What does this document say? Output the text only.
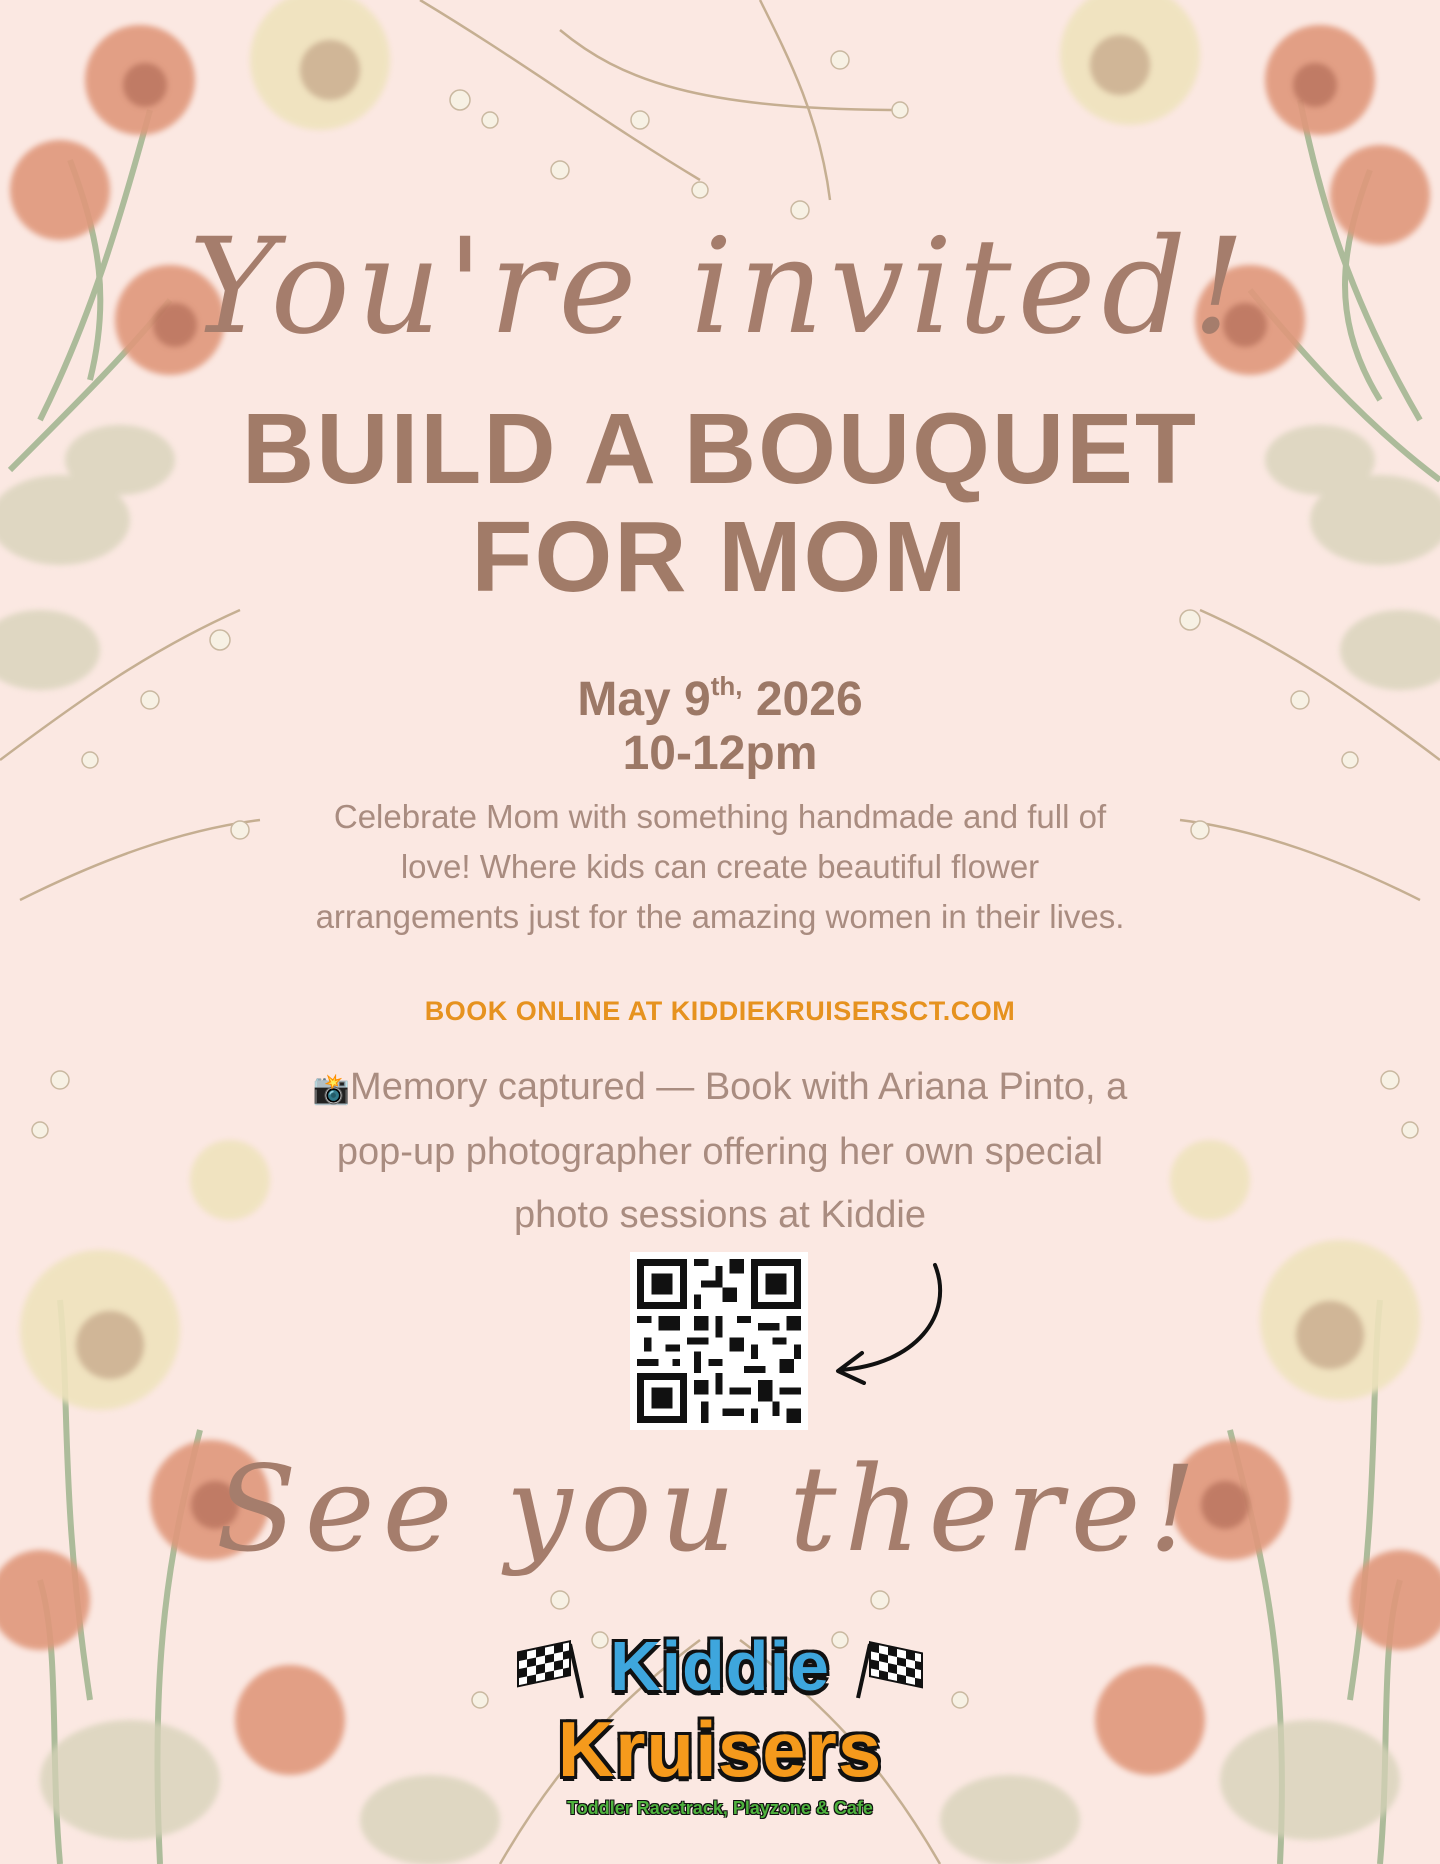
You're invited!
BUILD A BOUQUET
FOR MOM
May $9^{th,}$ 2026
10-12pm
Celebrate Mom with something handmade and full of love! Where kids can create beautiful flower arrangements just for the amazing women in their lives.
BOOK ONLINE AT KIDDIEKRUISERSCT.COM
📸Memory captured — Book with Ariana Pinto, a pop-up photographer offering her own special photo sessions at Kiddie
See you there!
Kiddie
Kruisers
Toddler Racetrack, Playzone & Cafe
